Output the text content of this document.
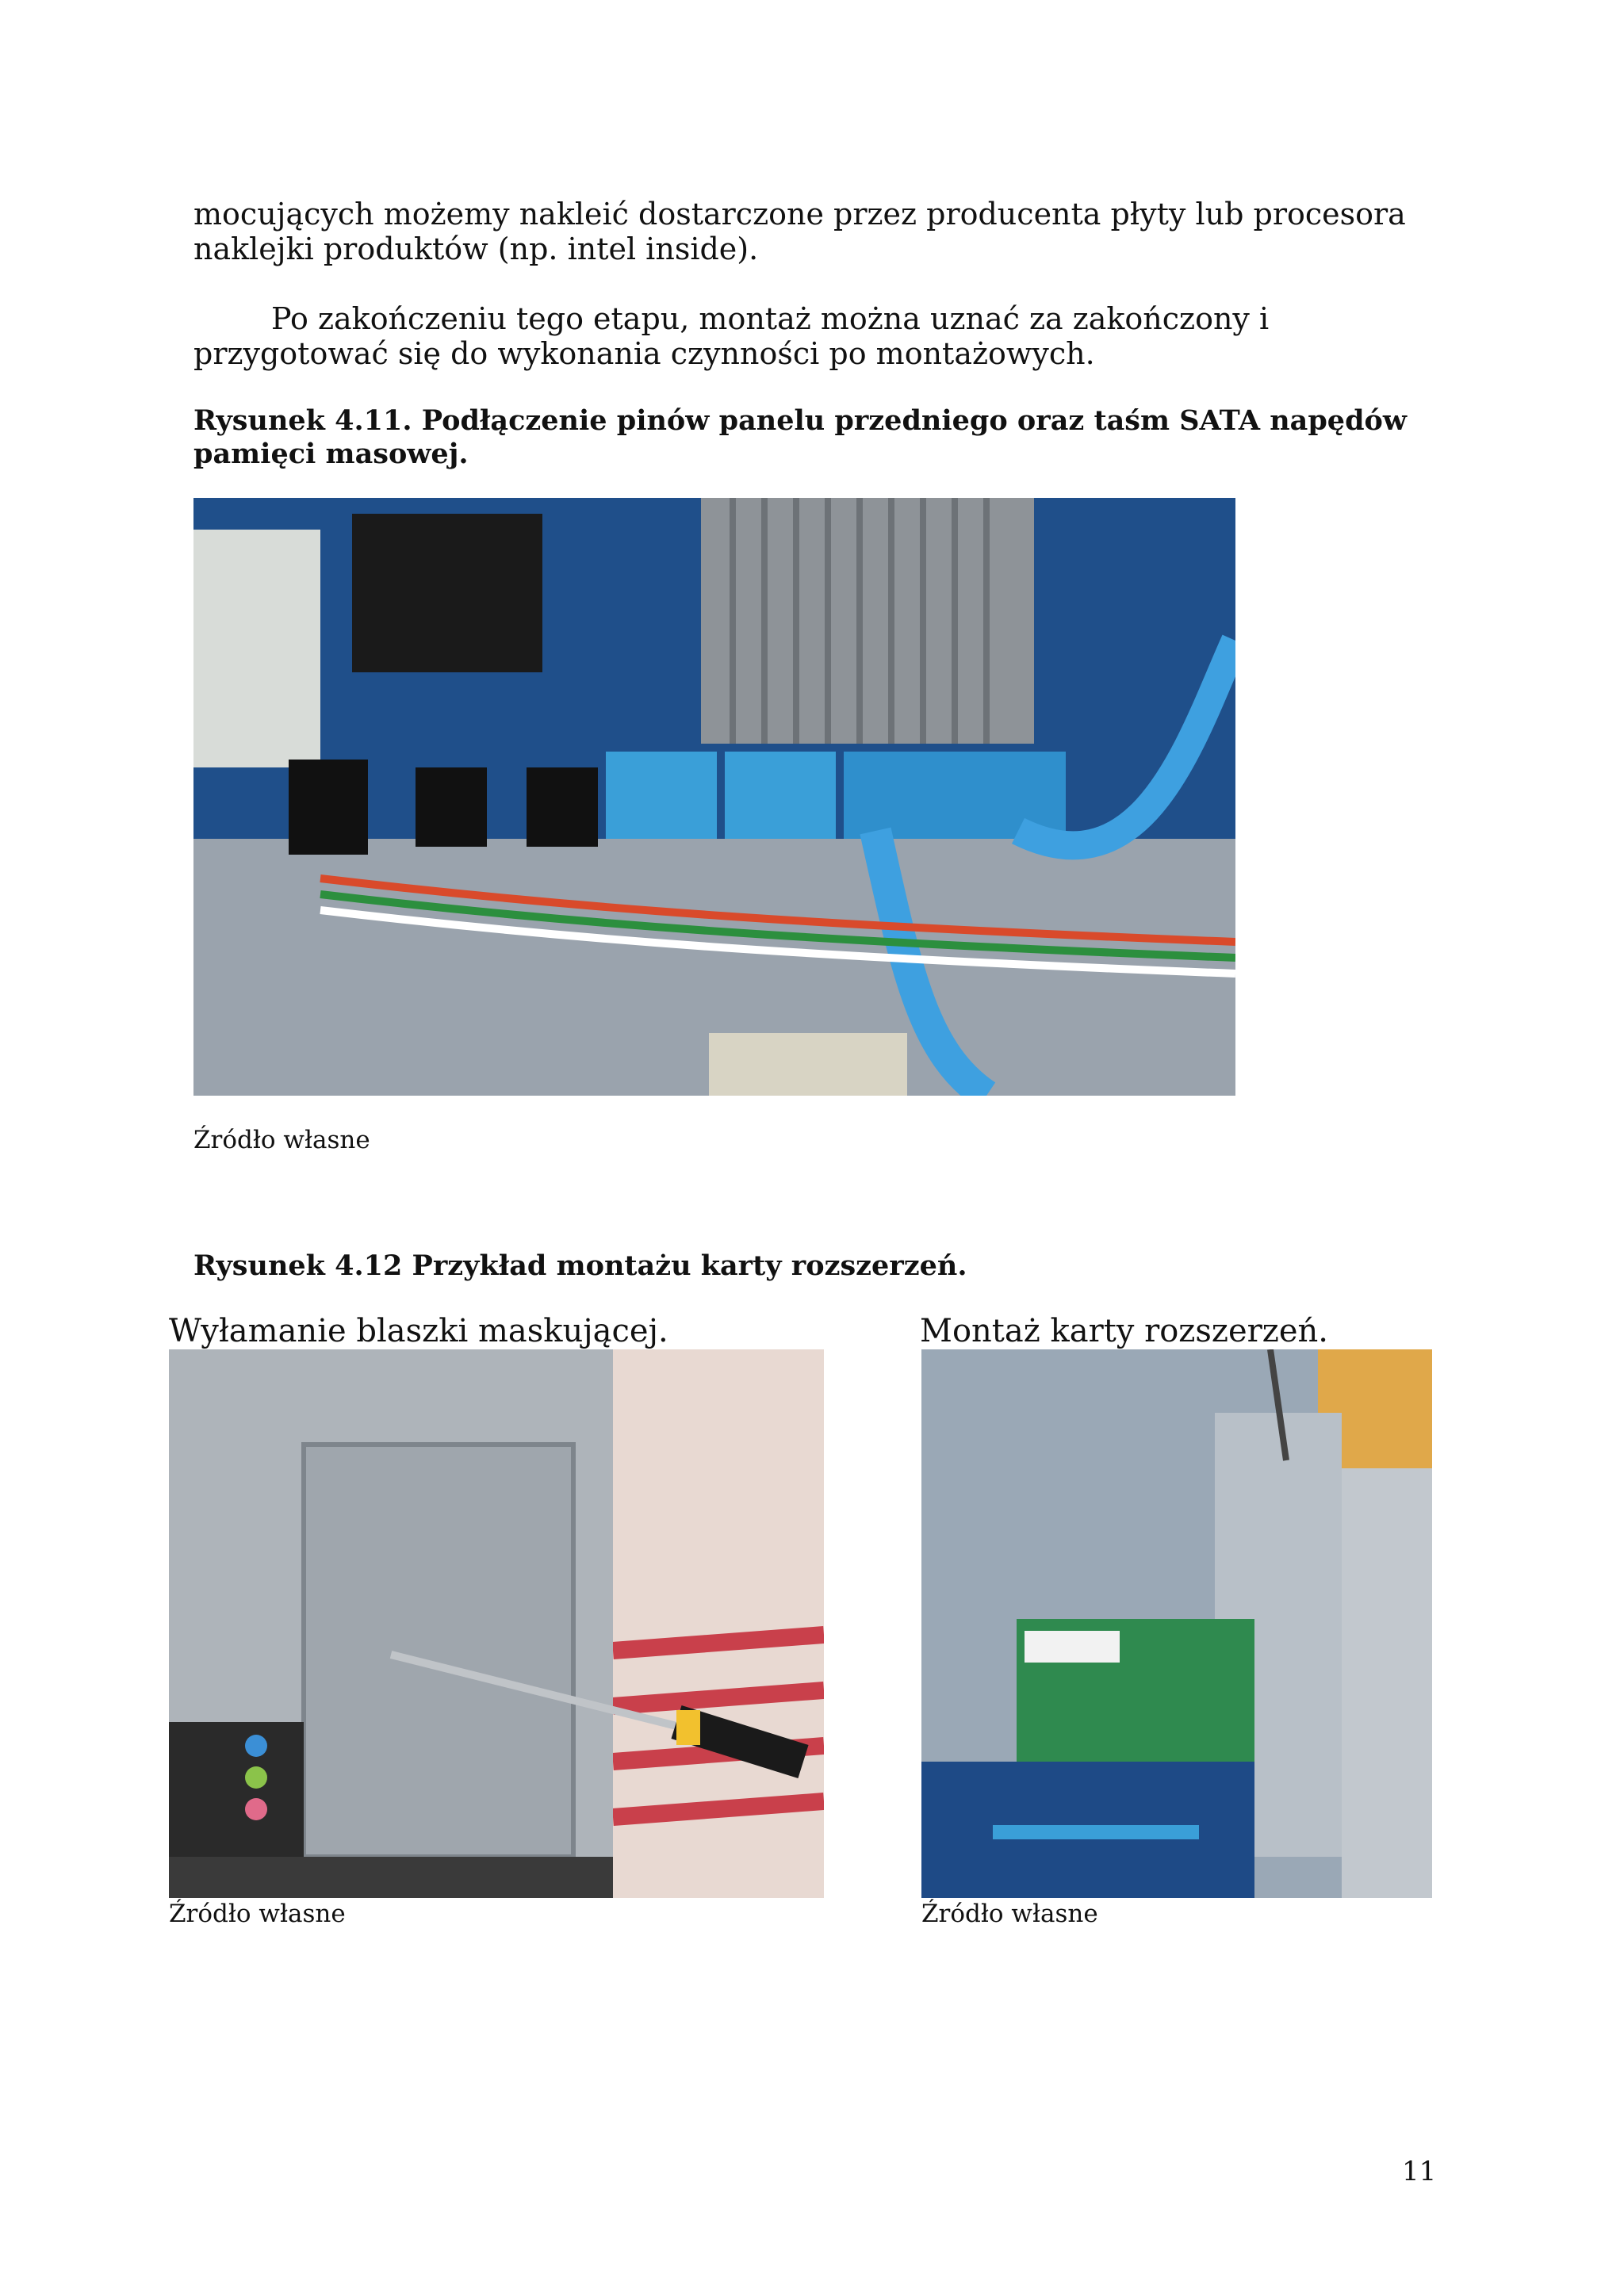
mocujących możemy nakleić dostarczone przez producenta płyty lub procesora naklejki produktów (np. intel inside).

Po zakończeniu tego etapu, montaż można uznać za zakończony i przygotować się do wykonania czynności po montażowych.

Rysunek 4.11. Podłączenie pinów panelu przedniego oraz taśm SATA napędów pamięci masowej.

Źródło własne

Rysunek 4.12 Przykład montażu karty rozszerzeń.

Wyłamanie blaszki maskującej.	Montaż karty rozszerzeń.

Źródło własne	Źródło własne

11
